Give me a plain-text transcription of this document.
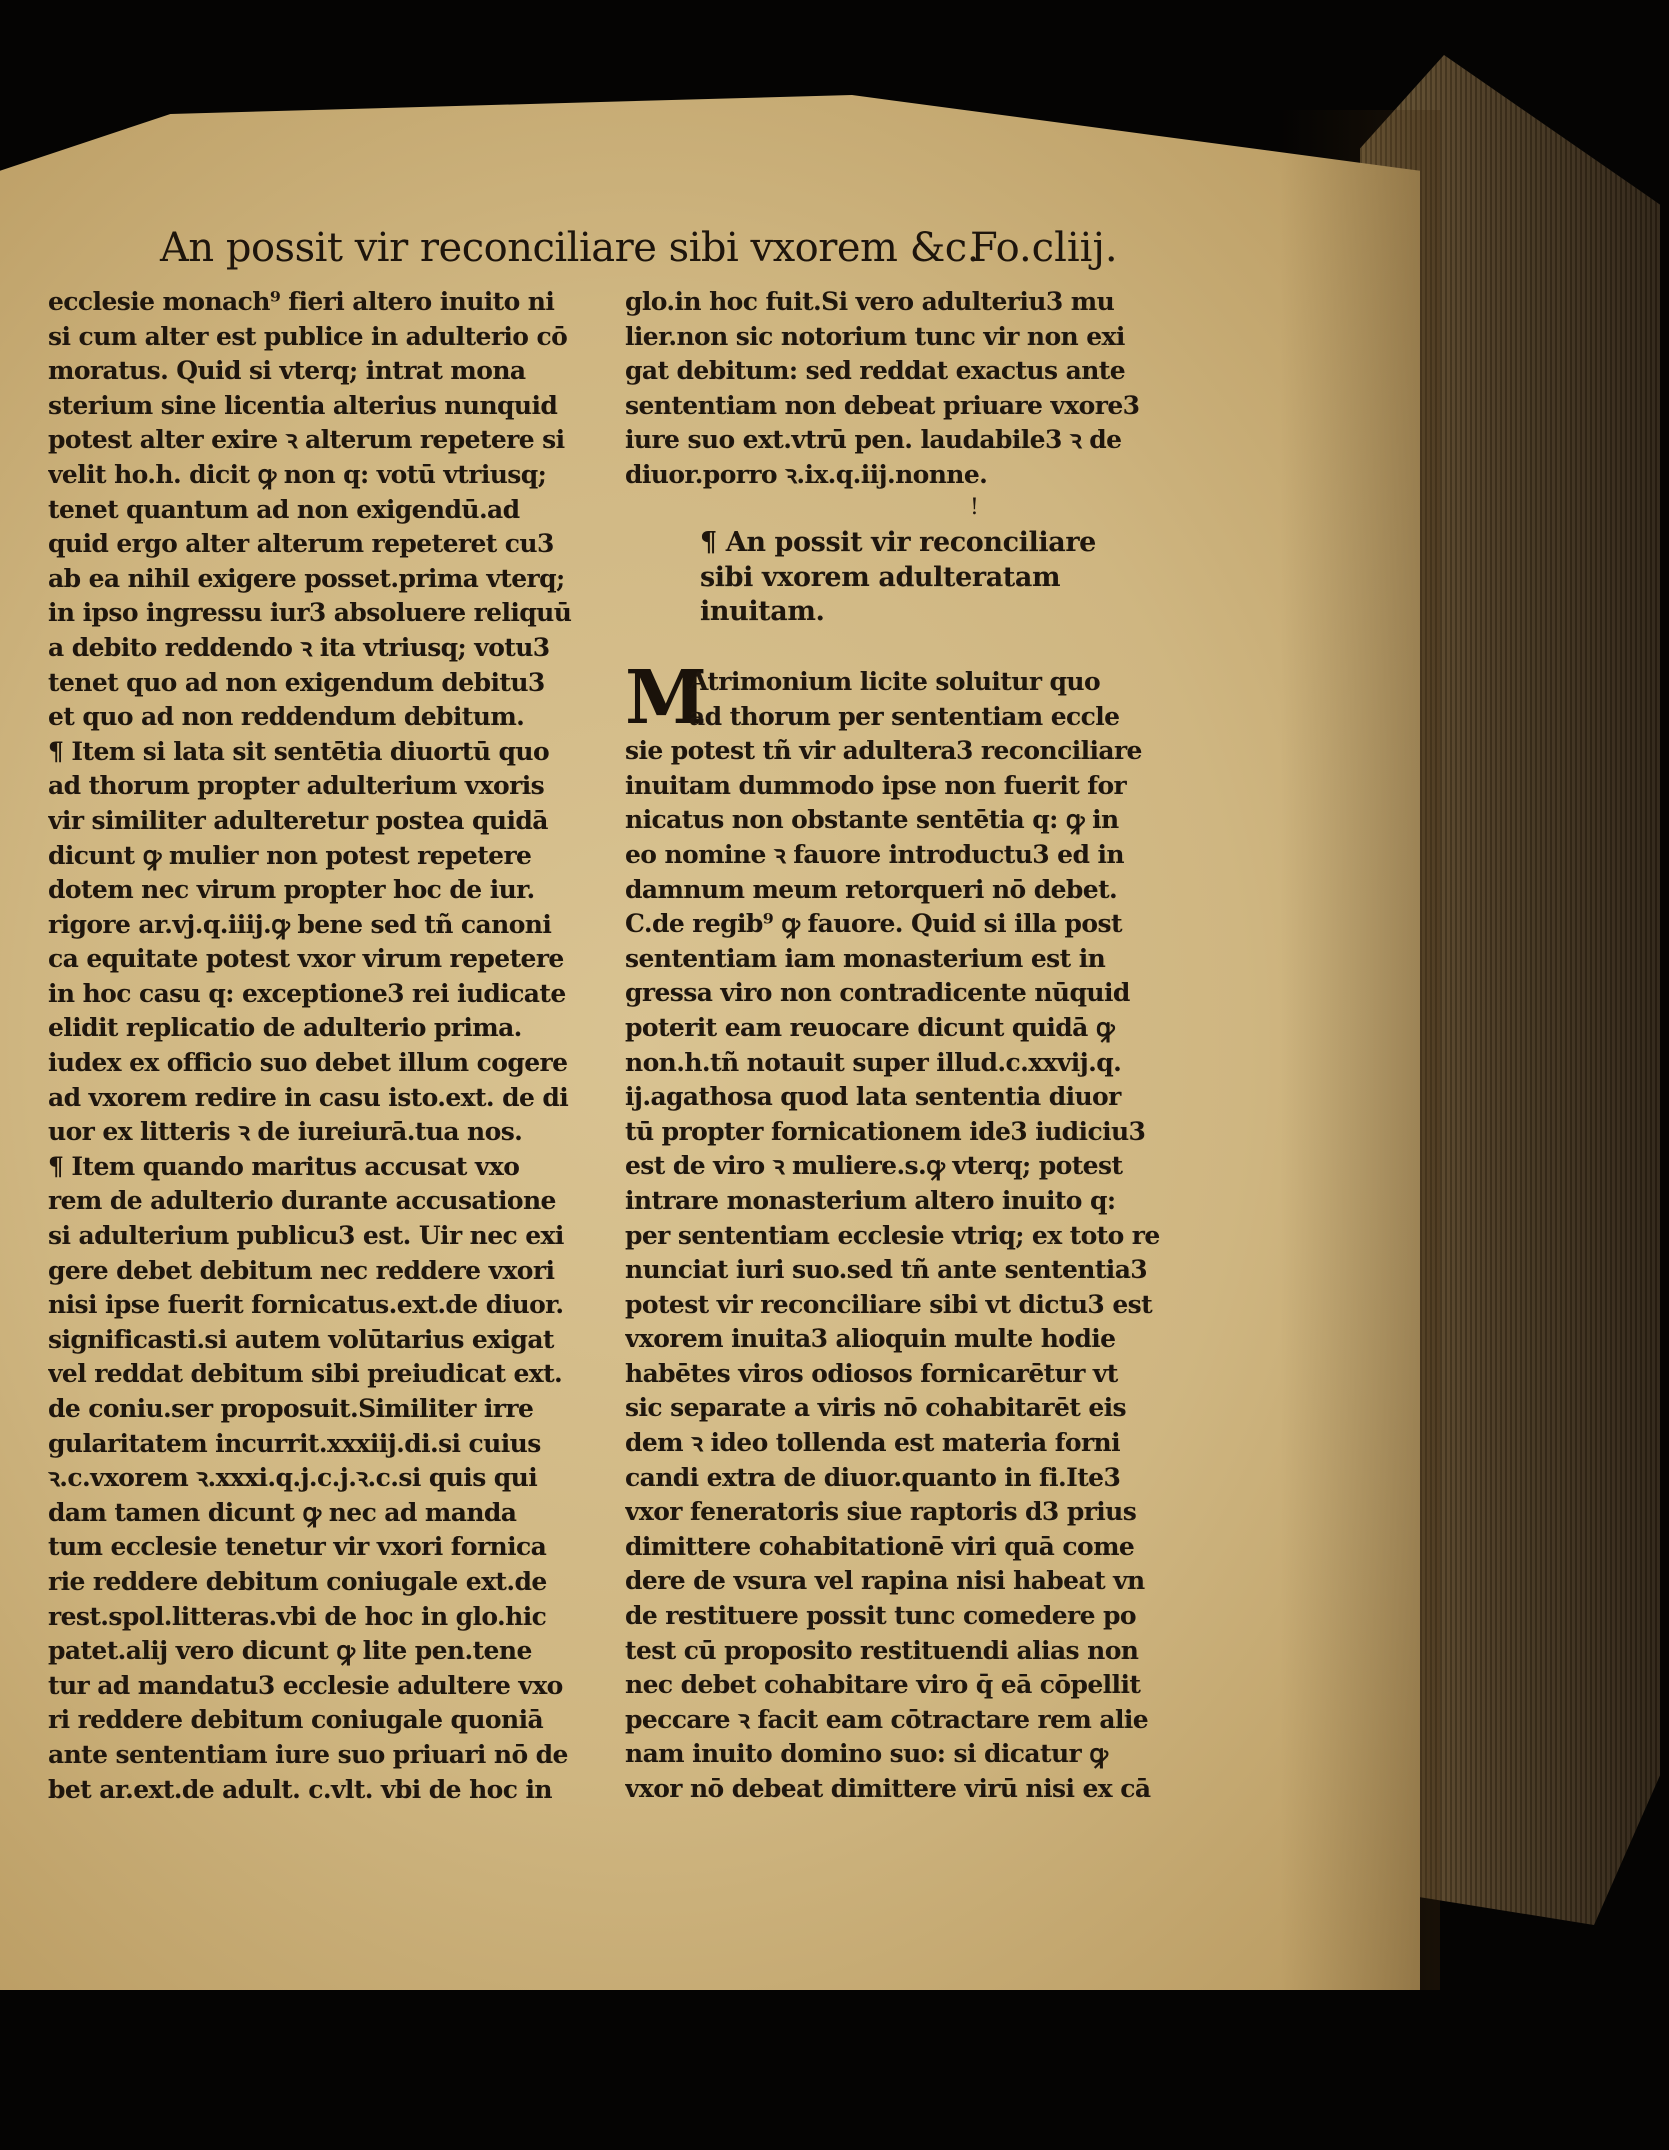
An possit vir reconciliare sibi vxorem &c.
Fo.cliij.
ecclesie monach⁹ fieri altero inuito ni
si cum alter est publice in adulterio cō
moratus. Quid si vterq; intrat mona
sterium sine licentia alterius nunquid
potest alter exire ꝛ alterum repetere si
velit ho.h. dicit ꝙ non q: votū vtriusq;
tenet quantum ad non exigendū.ad
quid ergo alter alterum repeteret cu3
ab ea nihil exigere posset.prima vterq;
in ipso ingressu iur3 absoluere reliquū
a debito reddendo ꝛ ita vtriusq; votu3
tenet quo ad non exigendum debitu3
et quo ad non reddendum debitum.
¶ Item si lata sit sentētia diuortū quo
ad thorum propter adulterium vxoris
vir similiter adulteretur postea quidā
dicunt ꝙ mulier non potest repetere
dotem nec virum propter hoc de iur.
rigore ar.vj.q.iiij.ꝙ bene sed tñ canoni
ca equitate potest vxor virum repetere
in hoc casu q: exceptione3 rei iudicate
elidit replicatio de adulterio prima.
iudex ex officio suo debet illum cogere
ad vxorem redire in casu isto.ext. de di
uor ex litteris ꝛ de iureiurā.tua nos.
¶ Item quando maritus accusat vxo
rem de adulterio durante accusatione
si adulterium publicu3 est. Uir nec exi
gere debet debitum nec reddere vxori
nisi ipse fuerit fornicatus.ext.de diuor.
significasti.si autem volūtarius exigat
vel reddat debitum sibi preiudicat ext.
de coniu.ser proposuit.Similiter irre
gularitatem incurrit.xxxiij.di.si cuius
ꝛ.c.vxorem ꝛ.xxxi.q.j.c.j.ꝛ.c.si quis qui
dam tamen dicunt ꝙ nec ad manda
tum ecclesie tenetur vir vxori fornica
rie reddere debitum coniugale ext.de
rest.spol.litteras.vbi de hoc in glo.hic
patet.alij vero dicunt ꝙ lite pen.tene
tur ad mandatu3 ecclesie adultere vxo
ri reddere debitum coniugale quoniā
ante sententiam iure suo priuari nō de
bet ar.ext.de adult. c.vlt. vbi de hoc in
glo.in hoc fuit.Si vero adulteriu3 mu
lier.non sic notorium tunc vir non exi
gat debitum: sed reddat exactus ante
sententiam non debeat priuare vxore3
iure suo ext.vtrū pen. laudabile3 ꝛ de
diuor.porro ꝛ.ix.q.iij.nonne.
!
¶ An possit vir reconciliare
sibi vxorem adulteratam
inuitam.
M
Atrimonium licite soluitur quo
ad thorum per sententiam eccle
sie potest tñ vir adultera3 reconciliare
inuitam dummodo ipse non fuerit for
nicatus non obstante sentētia q: ꝙ in
eo nomine ꝛ fauore introductu3 ed in
damnum meum retorqueri nō debet.
C.de regib⁹ ꝙ fauore. Quid si illa post
sententiam iam monasterium est in
gressa viro non contradicente nūquid
poterit eam reuocare dicunt quidā ꝙ
non.h.tñ notauit super illud.c.xxvij.q.
ij.agathosa quod lata sententia diuor
tū propter fornicationem ide3 iudiciu3
est de viro ꝛ muliere.s.ꝙ vterq; potest
intrare monasterium altero inuito q:
per sententiam ecclesie vtriq; ex toto re
nunciat iuri suo.sed tñ ante sententia3
potest vir reconciliare sibi vt dictu3 est
vxorem inuita3 alioquin multe hodie
habētes viros odiosos fornicarētur vt
sic separate a viris nō cohabitarēt eis
dem ꝛ ideo tollenda est materia forni
candi extra de diuor.quanto in fi.Ite3
vxor feneratoris siue raptoris d3 prius
dimittere cohabitationē viri quā come
dere de vsura vel rapina nisi habeat vn
de restituere possit tunc comedere po
test cū proposito restituendi alias non
nec debet cohabitare viro q̄ eā cōpellit
peccare ꝛ facit eam cōtractare rem alie
nam inuito domino suo: si dicatur ꝙ
vxor nō debeat dimittere virū nisi ex cā
